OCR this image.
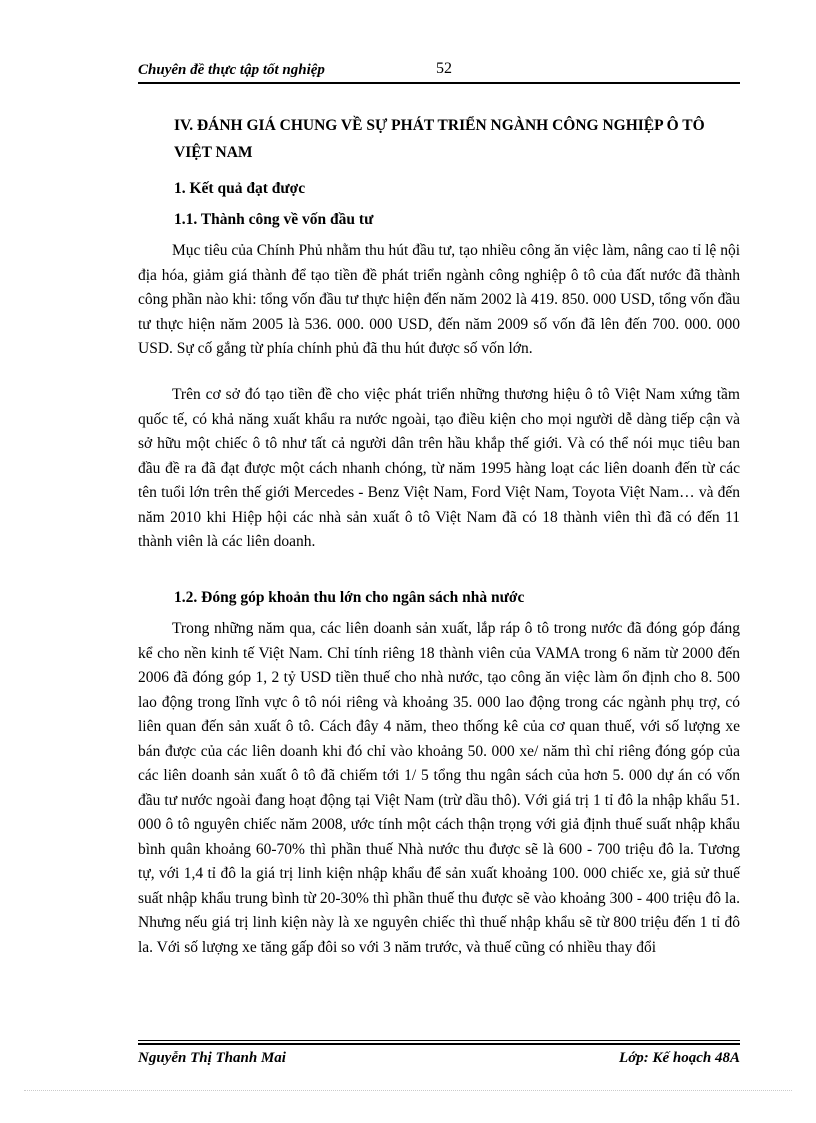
Chuyên đề thực tập tốt nghiệp	52
IV. ĐÁNH GIÁ CHUNG VỀ SỰ PHÁT TRIỂN NGÀNH CÔNG NGHIỆP Ô TÔ VIỆT NAM
1. Kết quả đạt được
1.1. Thành công về vốn đầu tư
Mục tiêu của Chính Phủ nhằm thu hút đầu tư, tạo nhiều công ăn việc làm, nâng cao tỉ lệ nội địa hóa, giảm giá thành để tạo tiền đề phát triển ngành công nghiệp ô tô của đất nước đã thành công phần nào khi: tổng vốn đầu tư thực hiện đến năm 2002 là 419. 850. 000 USD, tổng vốn đầu tư thực hiện năm 2005 là 536. 000. 000 USD, đến năm 2009 số vốn đã lên đến 700. 000. 000 USD. Sự cố gắng từ phía chính phủ đã thu hút được số vốn lớn.
Trên cơ sở đó tạo tiền đề cho việc phát triển những thương hiệu ô tô Việt Nam xứng tầm quốc tế, có khả năng xuất khẩu ra nước ngoài, tạo điều kiện cho mọi người dễ dàng tiếp cận và sở hữu một chiếc ô tô như tất cả người dân trên hầu khắp thế giới. Và có thể nói mục tiêu ban đầu đề ra đã đạt được một cách nhanh chóng, từ năm 1995 hàng loạt các liên doanh đến từ các tên tuổi lớn trên thế giới Mercedes - Benz Việt Nam, Ford Việt Nam, Toyota Việt Nam… và đến năm 2010 khi Hiệp hội các nhà sản xuất ô tô Việt Nam đã có 18 thành viên thì đã có đến 11 thành viên là các liên doanh.
1.2. Đóng góp khoản thu lớn cho ngân sách nhà nước
Trong những năm qua, các liên doanh sản xuất, lắp ráp ô tô trong nước đã đóng góp đáng kể cho nền kinh tế Việt Nam. Chỉ tính riêng 18 thành viên của VAMA trong 6 năm từ 2000 đến 2006 đã đóng góp 1, 2 tỷ USD tiền thuế cho nhà nước, tạo công ăn việc làm ổn định cho 8. 500 lao động trong lĩnh vực ô tô nói riêng và khoảng 35. 000 lao động trong các ngành phụ trợ, có liên quan đến sản xuất ô tô. Cách đây 4 năm, theo thống kê của cơ quan thuế, với số lượng xe bán được của các liên doanh khi đó chỉ vào khoảng 50. 000 xe/ năm thì chỉ riêng đóng góp của các liên doanh sản xuất ô tô đã chiếm tới 1/ 5 tổng thu ngân sách của hơn 5. 000 dự án có vốn đầu tư nước ngoài đang hoạt động tại Việt Nam (trừ dầu thô). Với giá trị 1 tỉ đô la nhập khẩu 51. 000 ô tô nguyên chiếc năm 2008, ước tính một cách thận trọng với giả định thuế suất nhập khẩu bình quân khoảng 60-70% thì phần thuế Nhà nước thu được sẽ là 600 - 700 triệu đô la. Tương tự, với 1,4 tỉ đô la giá trị linh kiện nhập khẩu để sản xuất khoảng 100. 000 chiếc xe, giả sử thuế suất nhập khẩu trung bình từ 20-30% thì phần thuế thu được sẽ vào khoảng 300 - 400 triệu đô la. Nhưng nếu giá trị linh kiện này là xe nguyên chiếc thì thuế nhập khẩu sẽ từ 800 triệu đến 1 tỉ đô la. Với số lượng xe tăng gấp đôi so với 3 năm trước, và thuế cũng có nhiều thay đổi
Nguyễn Thị Thanh Mai	Lớp: Kế hoạch 48A
